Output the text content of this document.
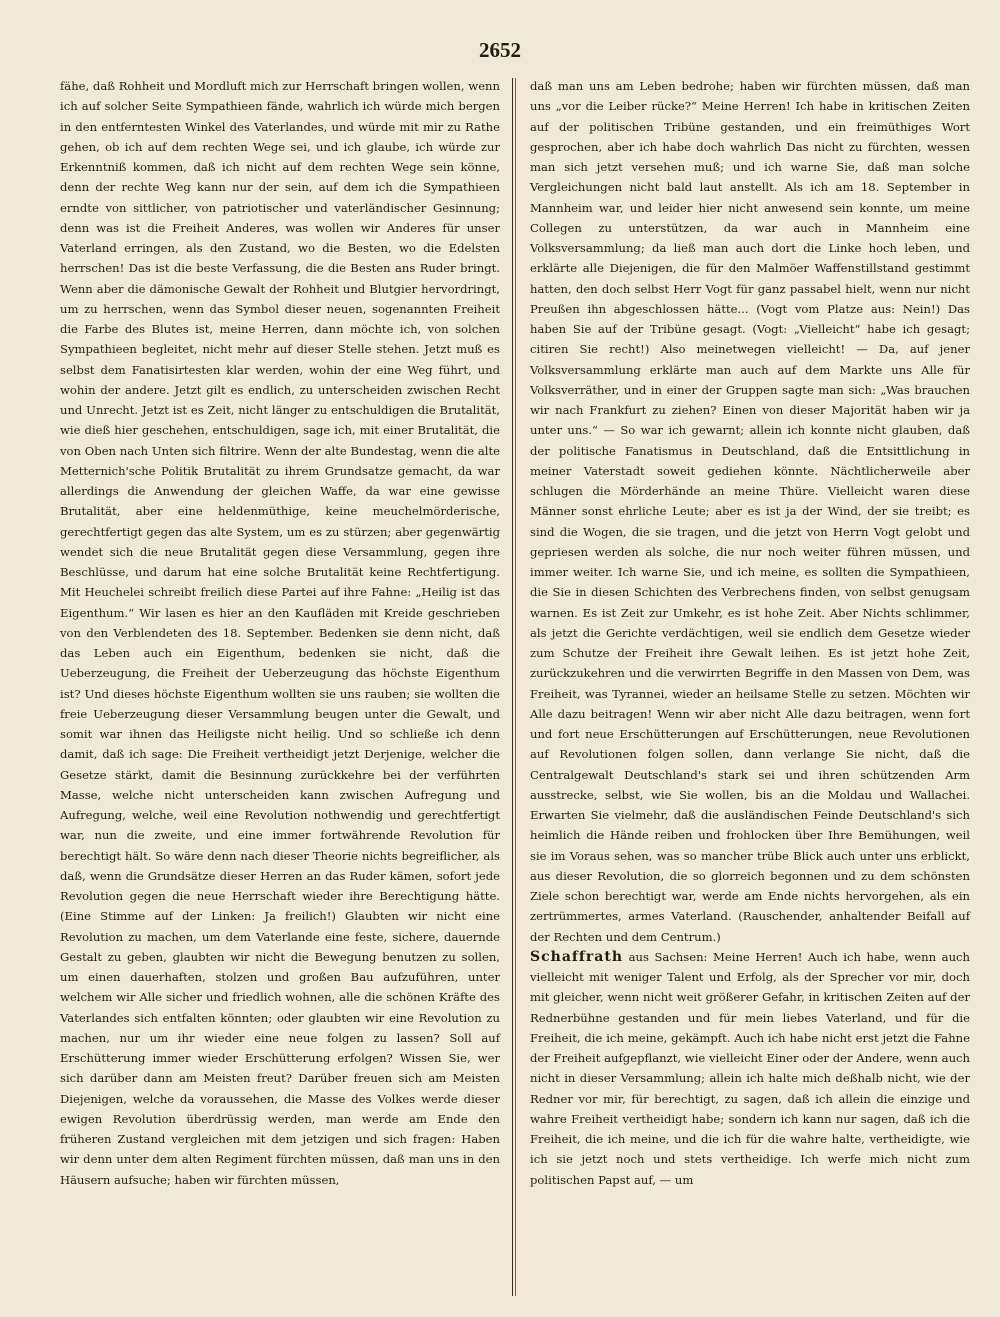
2652

fähe, daß Rohheit und Mordluft mich zur Herrschaft bringen wollen, wenn ich auf solcher Seite Sympathieen fände, wahrlich ich würde mich bergen in den entferntesten Winkel des Vaterlandes, und würde mit mir zu Rathe gehen, ob ich auf dem rechten Wege sei, und ich glaube, ich würde zur Erkenntniß kommen, daß ich nicht auf dem rechten Wege sein könne, denn der rechte Weg kann nur der sein, auf dem ich die Sympathieen erndte von sittlicher, von patriotischer und vaterländischer Gesinnung; denn was ist die Freiheit Anderes, was wollen wir Anderes für unser Vaterland erringen, als den Zustand, wo die Besten, wo die Edelsten herrschen! Das ist die beste Verfassung, die die Besten ans Ruder bringt. Wenn aber die dämonische Gewalt der Rohheit und Blutgier hervordringt, um zu herrschen, wenn das Symbol dieser neuen, sogenannten Freiheit die Farbe des Blutes ist, meine Herren, dann möchte ich, von solchen Sympathieen begleitet, nicht mehr auf dieser Stelle stehen. Jetzt muß es selbst dem Fanatisirtesten klar werden, wohin der eine Weg führt, und wohin der andere. Jetzt gilt es endlich, zu unterscheiden zwischen Recht und Unrecht. Jetzt ist es Zeit, nicht länger zu entschuldigen die Brutalität, wie dieß hier geschehen, entschuldigen, sage ich, mit einer Brutalität, die von Oben nach Unten sich filtrire. Wenn der alte Bundestag, wenn die alte Metternich'sche Politik Brutalität zu ihrem Grundsatze gemacht, da war allerdings die Anwendung der gleichen Waffe, da war eine gewisse Brutalität, aber eine heldenmüthige, keine meuchelmörderische, gerechtfertigt gegen das alte System, um es zu stürzen; aber gegenwärtig wendet sich die neue Brutalität gegen diese Versammlung, gegen ihre Beschlüsse, und darum hat eine solche Brutalität keine Rechtfertigung. Mit Heuchelei schreibt freilich diese Partei auf ihre Fahne: „Heilig ist das Eigenthum.“ Wir lasen es hier an den Kaufläden mit Kreide geschrieben von den Verblendeten des 18. September. Bedenken sie denn nicht, daß das Leben auch ein Eigenthum, bedenken sie nicht, daß die Ueberzeugung, die Freiheit der Ueberzeugung das höchste Eigenthum ist? Und dieses höchste Eigenthum wollten sie uns rauben; sie wollten die freie Ueberzeugung dieser Versammlung beugen unter die Gewalt, und somit war ihnen das Heiligste nicht heilig. Und so schließe ich denn damit, daß ich sage: Die Freiheit vertheidigt jetzt Derjenige, welcher die Gesetze stärkt, damit die Besinnung zurückkehre bei der verführten Masse, welche nicht unterscheiden kann zwischen Aufregung und Aufregung, welche, weil eine Revolution nothwendig und gerechtfertigt war, nun die zweite, und eine immer fortwährende Revolution für berechtigt hält. So wäre denn nach dieser Theorie nichts begreiflicher, als daß, wenn die Grundsätze dieser Herren an das Ruder kämen, sofort jede Revolution gegen die neue Herrschaft wieder ihre Berechtigung hätte. (Eine Stimme auf der Linken: Ja freilich!) Glaubten wir nicht eine Revolution zu machen, um dem Vaterlande eine feste, sichere, dauernde Gestalt zu geben, glaubten wir nicht die Bewegung benutzen zu sollen, um einen dauerhaften, stolzen und großen Bau aufzuführen, unter welchem wir Alle sicher und friedlich wohnen, alle die schönen Kräfte des Vaterlandes sich entfalten könnten; oder glaubten wir eine Revolution zu machen, nur um ihr wieder eine neue folgen zu lassen? Soll auf Erschütterung immer wieder Erschütterung erfolgen? Wissen Sie, wer sich darüber dann am Meisten freut? Darüber freuen sich am Meisten Diejenigen, welche da voraussehen, die Masse des Volkes werde dieser ewigen Revolution überdrüssig werden, man werde am Ende den früheren Zustand vergleichen mit dem jetzigen und sich fragen: Haben wir denn unter dem alten Regiment fürchten müssen, daß man uns in den Häusern aufsuche; haben wir fürchten müssen,

daß man uns am Leben bedrohe; haben wir fürchten müssen, daß man uns „vor die Leiber rücke?“ Meine Herren! Ich habe in kritischen Zeiten auf der politischen Tribüne gestanden, und ein freimüthiges Wort gesprochen, aber ich habe doch wahrlich Das nicht zu fürchten, wessen man sich jetzt versehen muß; und ich warne Sie, daß man solche Vergleichungen nicht bald laut anstellt. Als ich am 18. September in Mannheim war, und leider hier nicht anwesend sein konnte, um meine Collegen zu unterstützen, da war auch in Mannheim eine Volksversammlung; da ließ man auch dort die Linke hoch leben, und erklärte alle Diejenigen, die für den Malmöer Waffenstillstand gestimmt hatten, den doch selbst Herr Vogt für ganz passabel hielt, wenn nur nicht Preußen ihn abgeschlossen hätte... (Vogt vom Platze aus: Nein!) Das haben Sie auf der Tribüne gesagt. (Vogt: „Vielleicht“ habe ich gesagt; citiren Sie recht!) Also meinetwegen vielleicht! — Da, auf jener Volksversammlung erklärte man auch auf dem Markte uns Alle für Volksverräther, und in einer der Gruppen sagte man sich: „Was brauchen wir nach Frankfurt zu ziehen? Einen von dieser Majorität haben wir ja unter uns.“ — So war ich gewarnt; allein ich konnte nicht glauben, daß der politische Fanatismus in Deutschland, daß die Entsittlichung in meiner Vaterstadt soweit gediehen könnte. Nächtlicherweile aber schlugen die Mörderhände an meine Thüre. Vielleicht waren diese Männer sonst ehrliche Leute; aber es ist ja der Wind, der sie treibt; es sind die Wogen, die sie tragen, und die jetzt von Herrn Vogt gelobt und gepriesen werden als solche, die nur noch weiter führen müssen, und immer weiter. Ich warne Sie, und ich meine, es sollten die Sympathieen, die Sie in diesen Schichten des Verbrechens finden, von selbst genugsam warnen. Es ist Zeit zur Umkehr, es ist hohe Zeit. Aber Nichts schlimmer, als jetzt die Gerichte verdächtigen, weil sie endlich dem Gesetze wieder zum Schutze der Freiheit ihre Gewalt leihen. Es ist jetzt hohe Zeit, zurückzukehren und die verwirrten Begriffe in den Massen von Dem, was Freiheit, was Tyrannei, wieder an heilsame Stelle zu setzen. Möchten wir Alle dazu beitragen! Wenn wir aber nicht Alle dazu beitragen, wenn fort und fort neue Erschütterungen auf Erschütterungen, neue Revolutionen auf Revolutionen folgen sollen, dann verlange Sie nicht, daß die Centralgewalt Deutschland's stark sei und ihren schützenden Arm ausstrecke, selbst, wie Sie wollen, bis an die Moldau und Wallachei. Erwarten Sie vielmehr, daß die ausländischen Feinde Deutschland's sich heimlich die Hände reiben und frohlocken über Ihre Bemühungen, weil sie im Voraus sehen, was so mancher trübe Blick auch unter uns erblickt, aus dieser Revolution, die so glorreich begonnen und zu dem schönsten Ziele schon berechtigt war, werde am Ende nichts hervorgehen, als ein zertrümmertes, armes Vaterland. (Rauschender, anhaltender Beifall auf der Rechten und dem Centrum.)

Schaffrath aus Sachsen: Meine Herren! Auch ich habe, wenn auch vielleicht mit weniger Talent und Erfolg, als der Sprecher vor mir, doch mit gleicher, wenn nicht weit größerer Gefahr, in kritischen Zeiten auf der Rednerbühne gestanden und für mein liebes Vaterland, und für die Freiheit, die ich meine, gekämpft. Auch ich habe nicht erst jetzt die Fahne der Freiheit aufgepflanzt, wie vielleicht Einer oder der Andere, wenn auch nicht in dieser Versammlung; allein ich halte mich deßhalb nicht, wie der Redner vor mir, für berechtigt, zu sagen, daß ich allein die einzige und wahre Freiheit vertheidigt habe; sondern ich kann nur sagen, daß ich die Freiheit, die ich meine, und die ich für die wahre halte, vertheidigte, wie ich sie jetzt noch und stets vertheidige. Ich werfe mich nicht zum politischen Papst auf, — um
